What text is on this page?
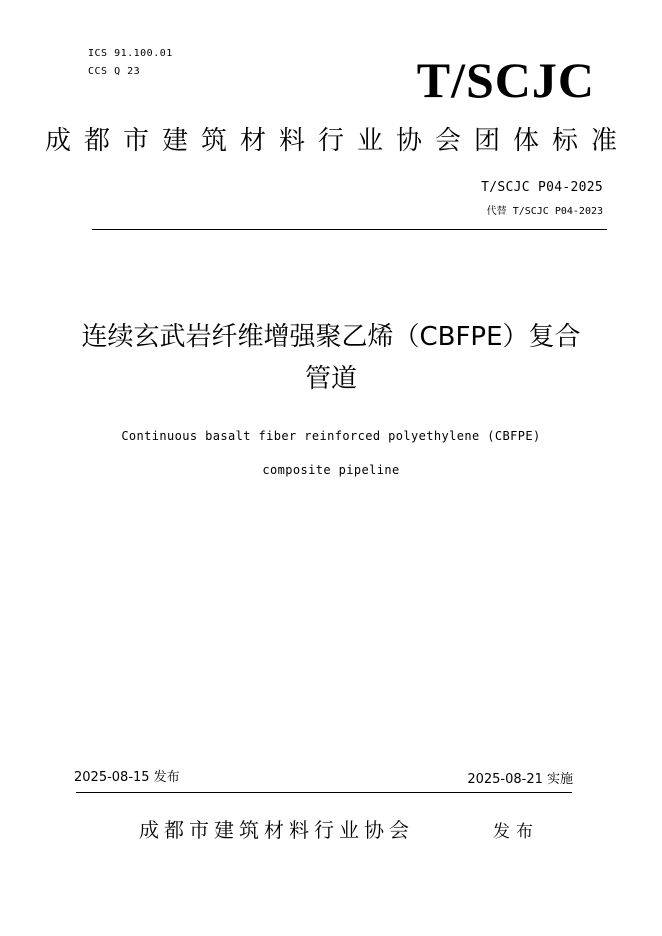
ICS 91.100.01
CCS Q 23	T/SCJC
成都市建筑材料行业协会团体标准
T/SCJC P04-2025
代替 T/SCJC P04-2023
连续玄武岩纤维增强聚乙烯（CBFPE）复合
管道
Continuous basalt fiber reinforced polyethylene (CBFPE)
composite pipeline
2025-08-15 发布	2025-08-21 实施
成都市建筑材料行业协会	发布
